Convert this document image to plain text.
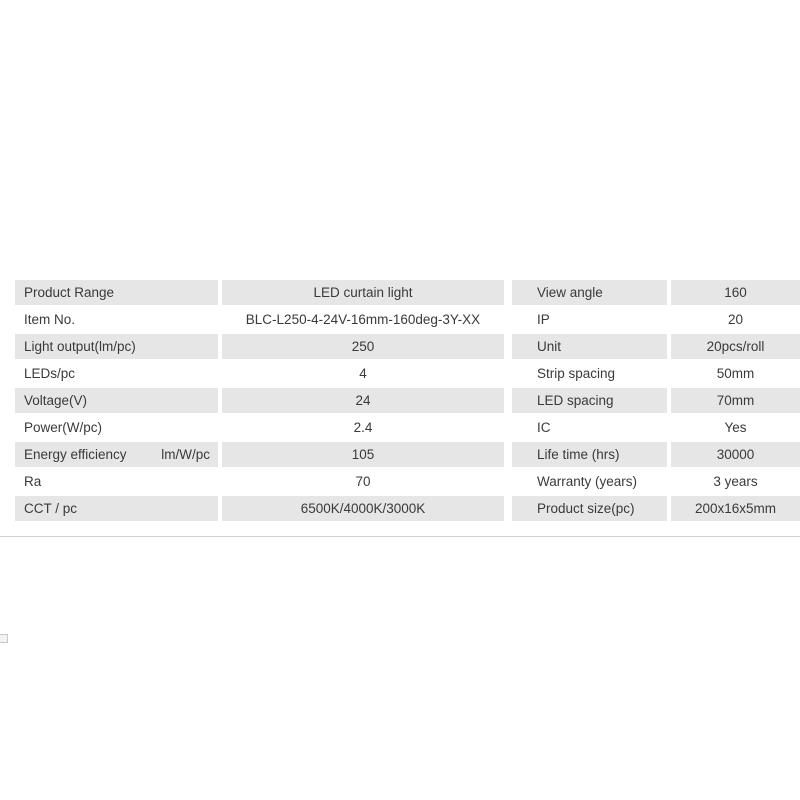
Product Range	LED curtain light
Item No.	BLC-L250-4-24V-16mm-160deg-3Y-XX
Light output(lm/pc)	250
LEDs/pc	4
Voltage(V)	24
Power(W/pc)	2.4
Energy efficiency	lm/W/pc	105
Ra	70
CCT / pc	6500K/4000K/3000K
View angle	160
IP	20
Unit	20pcs/roll
Strip spacing	50mm
LED spacing	70mm
IC	Yes
Life time (hrs)	30000
Warranty (years)	3 years
Product size(pc)	200x16x5mm
